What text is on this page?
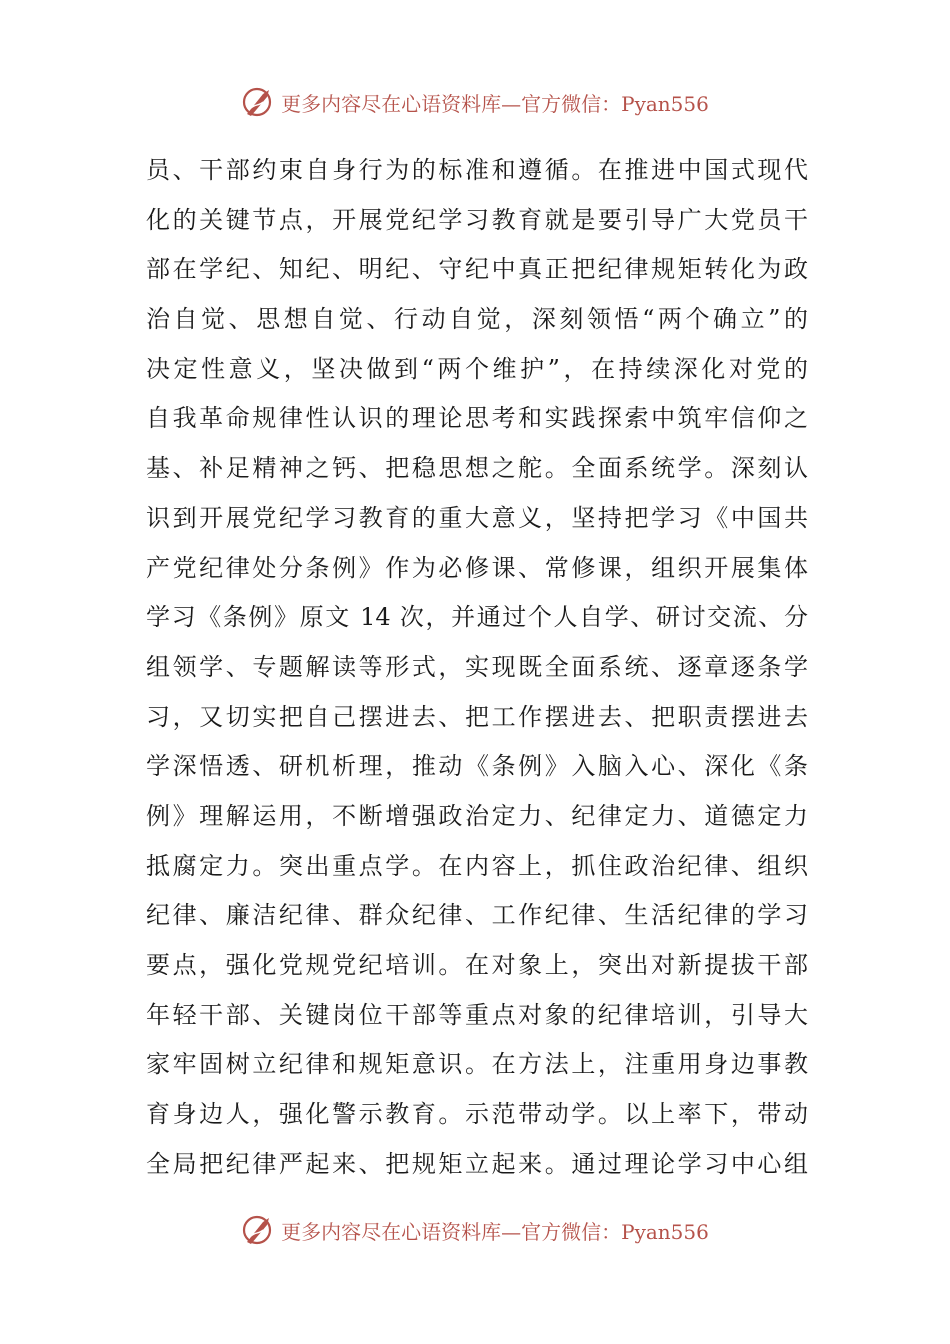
更多内容尽在心语资料库—官方微信：Pyan556
员、干部约束自身行为的标准和遵循。在推进中国式现代
化的关键节点，开展党纪学习教育就是要引导广大党员干
部在学纪、知纪、明纪、守纪中真正把纪律规矩转化为政
治自觉、思想自觉、行动自觉，深刻领悟“两个确立”的
决定性意义，坚决做到“两个维护”，在持续深化对党的
自我革命规律性认识的理论思考和实践探索中筑牢信仰之
基、补足精神之钙、把稳思想之舵。全面系统学。深刻认
识到开展党纪学习教育的重大意义，坚持把学习《中国共
产党纪律处分条例》作为必修课、常修课，组织开展集体
学习《条例》原文 14 次，并通过个人自学、研讨交流、分
组领学、专题解读等形式，实现既全面系统、逐章逐条学
习，又切实把自己摆进去、把工作摆进去、把职责摆进去
学深悟透、研机析理，推动《条例》入脑入心、深化《条
例》理解运用，不断增强政治定力、纪律定力、道德定力
抵腐定力。突出重点学。在内容上，抓住政治纪律、组织
纪律、廉洁纪律、群众纪律、工作纪律、生活纪律的学习
要点，强化党规党纪培训。在对象上，突出对新提拔干部
年轻干部、关键岗位干部等重点对象的纪律培训，引导大
家牢固树立纪律和规矩意识。在方法上，注重用身边事教
育身边人，强化警示教育。示范带动学。以上率下，带动
全局把纪律严起来、把规矩立起来。通过理论学习中心组
更多内容尽在心语资料库—官方微信：Pyan556
